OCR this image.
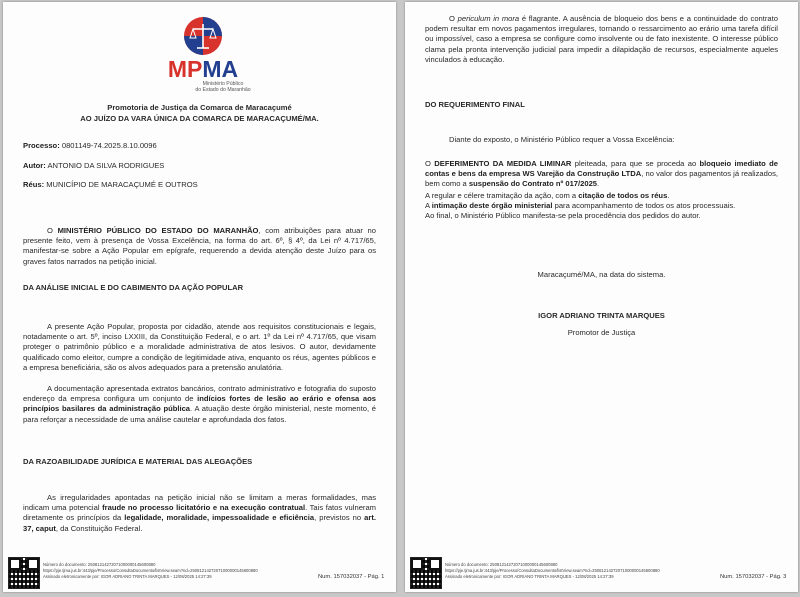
MPMA
Ministério Público
do Estado do Maranhão

Promotoria de Justiça da Comarca de Maracaçumé

AO JUÍZO DA VARA ÚNICA DA COMARCA DE MARACAÇUMÉ/MA.

Processo: 0801149-74.2025.8.10.0096

Autor: ANTONIO DA SILVA RODRIGUES

Réus: MUNICÍPIO DE MARACAÇUMÉ E OUTROS

O MINISTÉRIO PÚBLICO DO ESTADO DO MARANHÃO, com atribuições para atuar no presente feito, vem à presença de Vossa Excelência, na forma do art. 6º, § 4º, da Lei nº 4.717/65, manifestar-se sobre a Ação Popular em epígrafe, requerendo a devida atenção deste Juízo para os graves fatos narrados na petição inicial.

DA ANÁLISE INICIAL E DO CABIMENTO DA AÇÃO POPULAR

A presente Ação Popular, proposta por cidadão, atende aos requisitos constitucionais e legais, notadamente o art. 5º, inciso LXXIII, da Constituição Federal, e o art. 1º da Lei nº 4.717/65, que visam proteger o patrimônio público e a moralidade administrativa de atos lesivos. O autor, devidamente qualificado como eleitor, cumpre a condição de legitimidade ativa, enquanto os réus, agentes públicos e a empresa beneficiária, são os alvos adequados para a pretensão anulatória.

A documentação apresentada extratos bancários, contrato administrativo e fotografia do suposto endereço da empresa configura um conjunto de indícios fortes de lesão ao erário e ofensa aos princípios basilares da administração pública. A atuação deste órgão ministerial, neste momento, é para reforçar a necessidade de uma análise cautelar e aprofundada dos fatos.

DA RAZOABILIDADE JURÍDICA E MATERIAL DAS ALEGAÇÕES

As irregularidades apontadas na petição inicial não se limitam a meras formalidades, mas indicam uma potencial fraude no processo licitatório e na execução contratual. Tais fatos vulneram diretamente os princípios da legalidade, moralidade, impessoalidade e eficiência, previstos no art. 37, caput, da Constituição Federal.

Número do documento: 25081214272071000000145600880
https://pje.tjma.jus.br:443/pje/Processo/ConsultaDocumento/listView.seam?nd=25081214272071000000145600880
Assinado eletronicamente por: IGOR ADRIANO TRINTA MARQUES - 12/08/2025 14:27:39	Num. 157032037 - Pág. 1

O periculum in mora é flagrante. A ausência de bloqueio dos bens e a continuidade do contrato podem resultar em novos pagamentos irregulares, tornando o ressarcimento ao erário uma tarefa difícil ou impossível, caso a empresa se configure como insolvente ou de fato inexistente. O interesse público clama pela pronta intervenção judicial para impedir a dilapidação de recursos, especialmente aqueles vinculados à educação.

DO REQUERIMENTO FINAL

Diante do exposto, o Ministério Público requer a Vossa Excelência:

O DEFERIMENTO DA MEDIDA LIMINAR pleiteada, para que se proceda ao bloqueio imediato de contas e bens da empresa WS Varejão da Construção LTDA, no valor dos pagamentos já realizados, bem como a suspensão do Contrato nº 017/2025.

A regular e célere tramitação da ação, com a citação de todos os réus.

A intimação deste órgão ministerial para acompanhamento de todos os atos processuais.

Ao final, o Ministério Público manifesta-se pela procedência dos pedidos do autor.

Maracaçumé/MA, na data do sistema.

IGOR ADRIANO TRINTA MARQUES

Promotor de Justiça

Número do documento: 25081214272071000000145600880
https://pje.tjma.jus.br:443/pje/Processo/ConsultaDocumento/listView.seam?nd=25081214272071000000145600880
Assinado eletronicamente por: IGOR ADRIANO TRINTA MARQUES - 12/08/2025 14:27:39	Num. 157032037 - Pág. 3
